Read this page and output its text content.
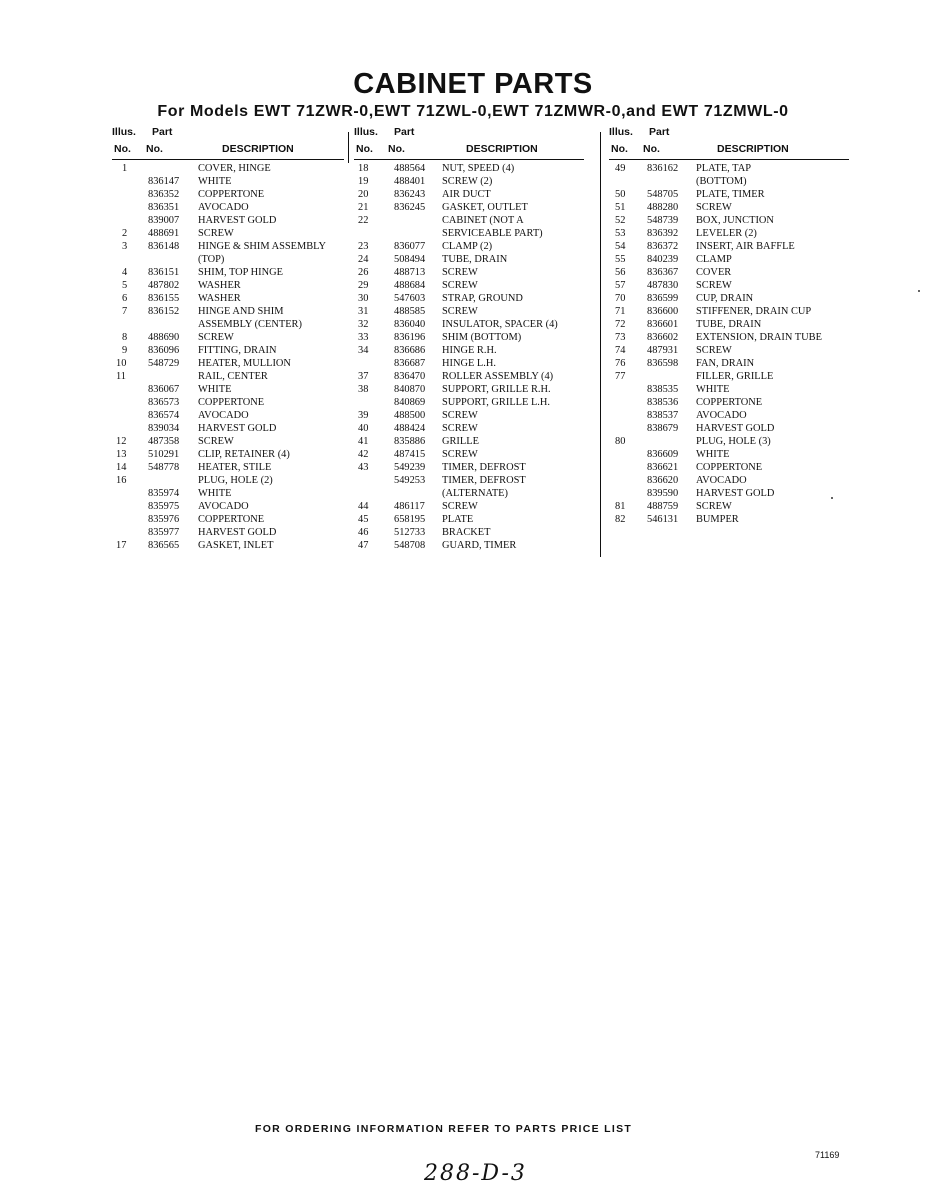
CABINET PARTS
For Models EWT 71ZWR-0,EWT 71ZWL-0,EWT 71ZMWR-0,and EWT 71ZMWL-0
Illus. Part
No. No.	DESCRIPTION
1	COVER, HINGE
836147 WHITE
836352 COPPERTONE
836351 AVOCADO
839007 HARVEST GOLD
2 488691 SCREW
3 836148 HINGE & SHIM ASSEMBLY
(TOP)
4 836151 SHIM, TOP HINGE
5 487802 WASHER
6 836155 WASHER
7 836152 HINGE AND SHIM
ASSEMBLY (CENTER)
8 488690 SCREW
9 836096 FITTING, DRAIN
10 548729 HEATER, MULLION
11	RAIL, CENTER
836067 WHITE
836573 COPPERTONE
836574 AVOCADO
839034 HARVEST GOLD
12 487358 SCREW
13 510291 CLIP, RETAINER (4)
14 548778 HEATER, STILE
16	PLUG, HOLE (2)
835974 WHITE
835975 AVOCADO
835976 COPPERTONE
835977 HARVEST GOLD
17 836565 GASKET, INLET
Illus. Part
No. No.	DESCRIPTION
18 488564 NUT, SPEED (4)
19 488401 SCREW (2)
20 836243 AIR DUCT
21 836245 GASKET, OUTLET
22	CABINET (NOT A
SERVICEABLE PART)
23 836077 CLAMP (2)
24 508494 TUBE, DRAIN
26 488713 SCREW
29 488684 SCREW
30 547603 STRAP, GROUND
31 488585 SCREW
32 836040 INSULATOR, SPACER (4)
33 836196 SHIM (BOTTOM)
34 836686 HINGE R.H.
836687 HINGE L.H.
37 836470 ROLLER ASSEMBLY (4)
38 840870 SUPPORT, GRILLE R.H.
840869 SUPPORT, GRILLE L.H.
39 488500 SCREW
40 488424 SCREW
41 835886 GRILLE
42 487415 SCREW
43 549239 TIMER, DEFROST
549253 TIMER, DEFROST
(ALTERNATE)
44 486117 SCREW
45 658195 PLATE
46 512733 BRACKET
47 548708 GUARD, TIMER
Illus. Part
No. No.	DESCRIPTION
49 836162 PLATE, TAP
(BOTTOM)
50 548705 PLATE, TIMER
51 488280 SCREW
52 548739 BOX, JUNCTION
53 836392 LEVELER (2)
54 836372 INSERT, AIR BAFFLE
55 840239 CLAMP
56 836367 COVER
57 487830 SCREW
70 836599 CUP, DRAIN
71 836600 STIFFENER, DRAIN CUP
72 836601 TUBE, DRAIN
73 836602 EXTENSION, DRAIN TUBE
74 487931 SCREW
76 836598 FAN, DRAIN
77	FILLER, GRILLE
838535 WHITE
838536 COPPERTONE
838537 AVOCADO
838679 HARVEST GOLD
80	PLUG, HOLE (3)
836609 WHITE
836621 COPPERTONE
836620 AVOCADO
839590 HARVEST GOLD
81 488759 SCREW
82 546131 BUMPER
FOR ORDERING INFORMATION REFER TO PARTS PRICE LIST
71169
288-D-3
